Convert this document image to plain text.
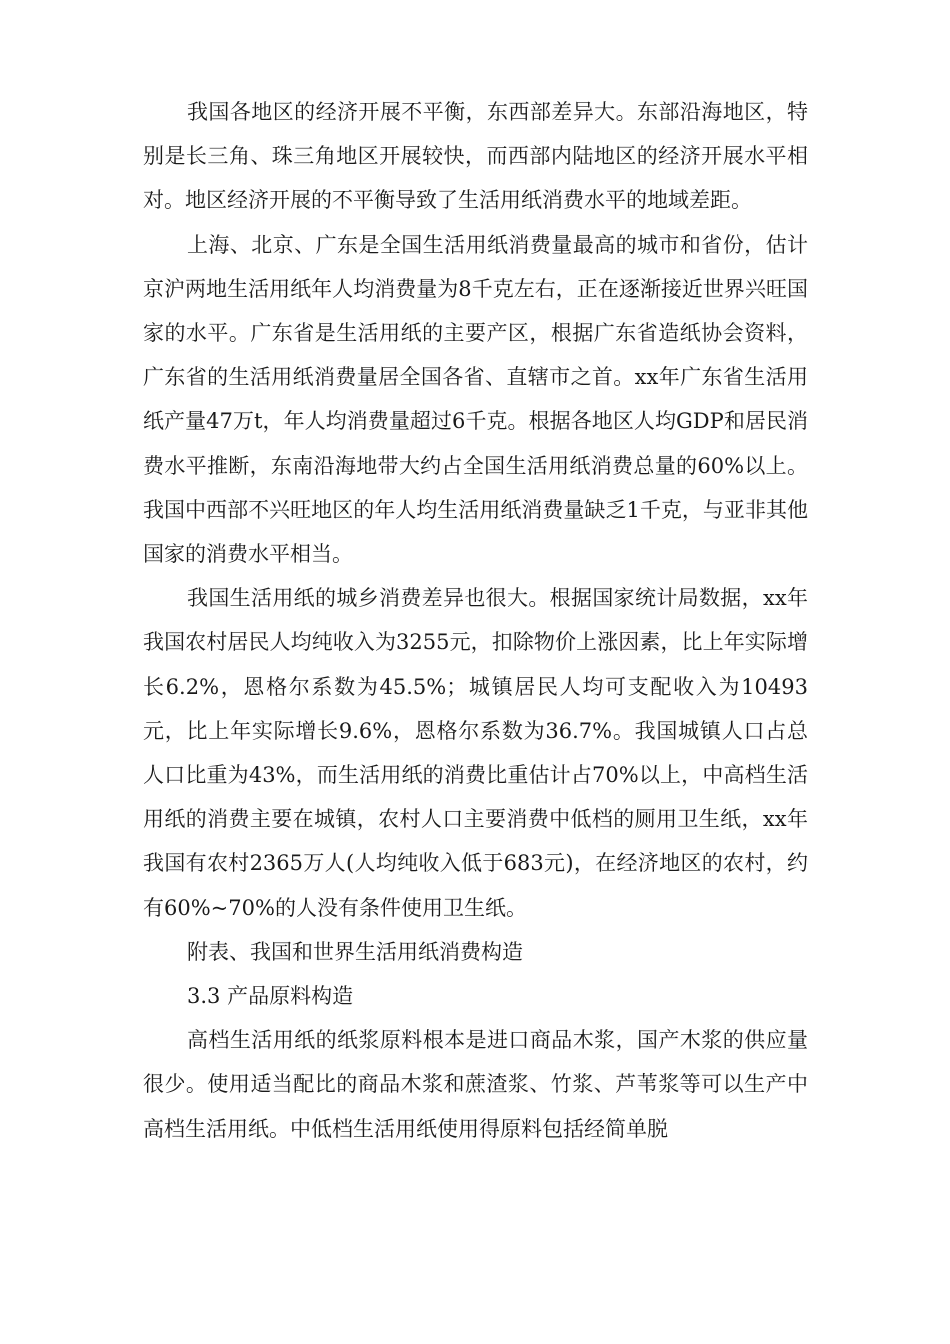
我国各地区的经济开展不平衡，东西部差异大。东部沿海地区，特别是长三角、珠三角地区开展较快，而西部内陆地区的经济开展水平相对。地区经济开展的不平衡导致了生活用纸消费水平的地域差距。

上海、北京、广东是全国生活用纸消费量最高的城市和省份，估计京沪两地生活用纸年人均消费量为8千克左右，正在逐渐接近世界兴旺国家的水平。广东省是生活用纸的主要产区，根据广东省造纸协会资料，广东省的生活用纸消费量居全国各省、直辖市之首。xx年广东省生活用纸产量47万t，年人均消费量超过6千克。根据各地区人均GDP和居民消费水平推断，东南沿海地带大约占全国生活用纸消费总量的60%以上。我国中西部不兴旺地区的年人均生活用纸消费量缺乏1千克，与亚非其他国家的消费水平相当。

我国生活用纸的城乡消费差异也很大。根据国家统计局数据，xx年我国农村居民人均纯收入为3255元，扣除物价上涨因素，比上年实际增长6.2%，恩格尔系数为45.5%；城镇居民人均可支配收入为10493元，比上年实际增长9.6%，恩格尔系数为36.7%。我国城镇人口占总人口比重为43%，而生活用纸的消费比重估计占70%以上，中高档生活用纸的消费主要在城镇，农村人口主要消费中低档的厕用卫生纸，xx年我国有农村2365万人(人均纯收入低于683元)，在经济地区的农村，约有60%~70%的人没有条件使用卫生纸。

附表、我国和世界生活用纸消费构造

3.3 产品原料构造

高档生活用纸的纸浆原料根本是进口商品木浆，国产木浆的供应量很少。使用适当配比的商品木浆和蔗渣浆、竹浆、芦苇浆等可以生产中高档生活用纸。中低档生活用纸使用得原料包括经简单脱
